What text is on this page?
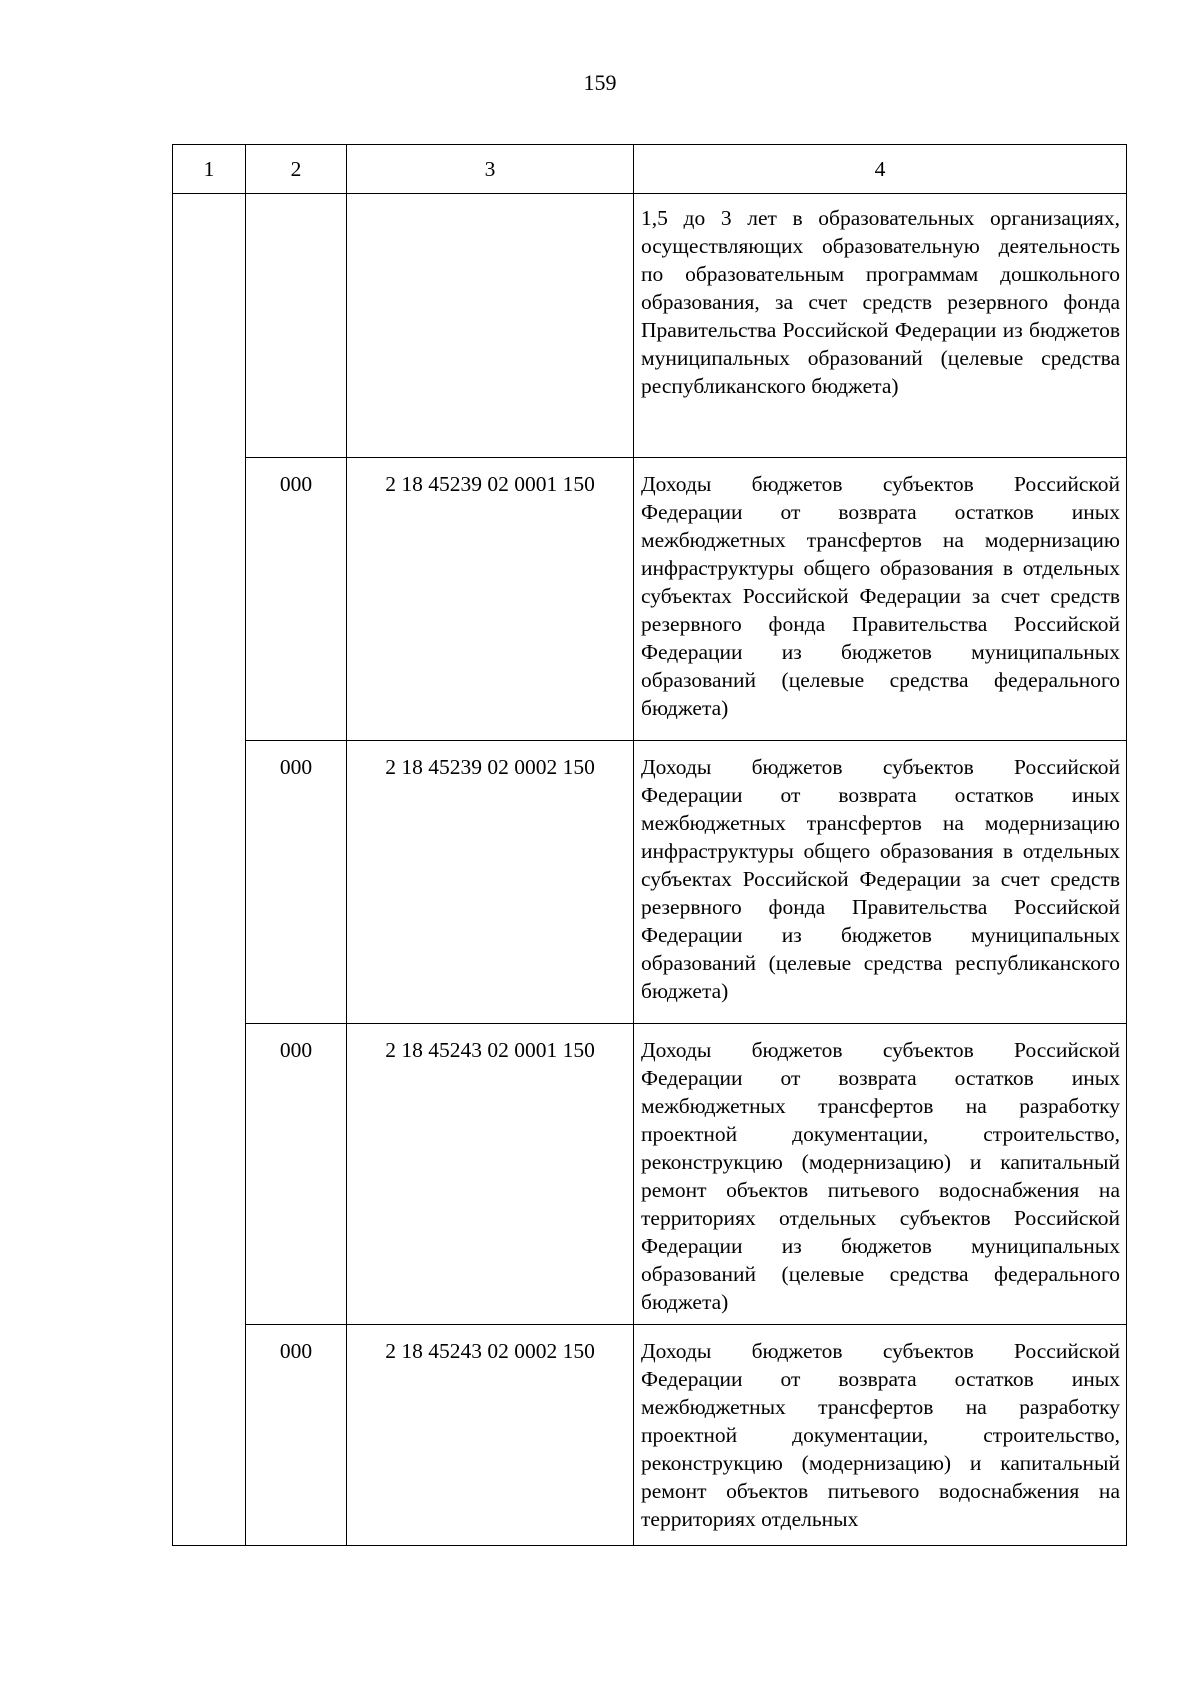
159
1	2	3	4
			1,5 до 3 лет в образовательных организациях, осуществляющих образовательную деятельность по образовательным программам дошкольного образования, за счет средств резервного фонда Правительства Российской Федерации из бюджетов муниципальных образований (целевые средства республиканского бюджета)
	000	2 18 45239 02 0001 150	Доходы бюджетов субъектов Российской Федерации от возврата остатков иных межбюджетных трансфертов на модернизацию инфраструктуры общего образования в отдельных субъектах Российской Федерации за счет средств резервного фонда Правительства Российской Федерации из бюджетов муниципальных образований (целевые средства федерального бюджета)
	000	2 18 45239 02 0002 150	Доходы бюджетов субъектов Российской Федерации от возврата остатков иных межбюджетных трансфертов на модернизацию инфраструктуры общего образования в отдельных субъектах Российской Федерации за счет средств резервного фонда Правительства Российской Федерации из бюджетов муниципальных образований (целевые средства республиканского бюджета)
	000	2 18 45243 02 0001 150	Доходы бюджетов субъектов Российской Федерации от возврата остатков иных межбюджетных трансфертов на разработку проектной документации, строительство, реконструкцию (модернизацию) и капитальный ремонт объектов питьевого водоснабжения на территориях отдельных субъектов Российской Федерации из бюджетов муниципальных образований (целевые средства федерального бюджета)
	000	2 18 45243 02 0002 150	Доходы бюджетов субъектов Российской Федерации от возврата остатков иных межбюджетных трансфертов на разработку проектной документации, строительство, реконструкцию (модернизацию) и капитальный ремонт объектов питьевого водоснабжения на территориях отдельных
